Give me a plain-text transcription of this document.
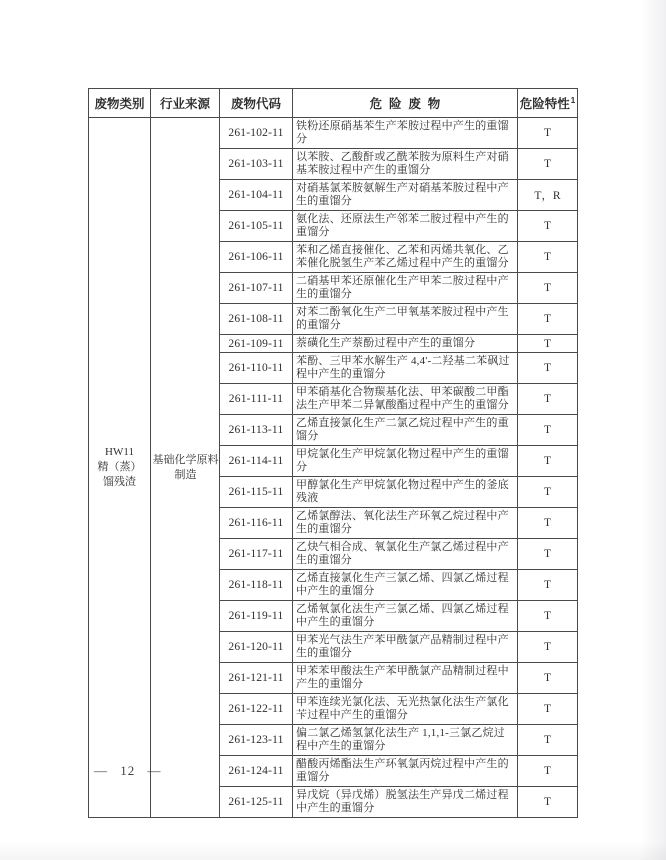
废物类别	行业来源	废物代码	危险废物	危险特性$^1$

HW11
精（蒸）馏残渣	基础化学原料制造	261-102-11	铁粉还原硝基苯生产苯胺过程中产生的重馏分	T
		261-103-11	以苯胺、乙酸酐或乙酰苯胺为原料生产对硝基苯胺过程中产生的重馏分	T
		261-104-11	对硝基氯苯胺氨解生产对硝基苯胺过程中产生的重馏分	T，R
		261-105-11	氨化法、还原法生产邻苯二胺过程中产生的重馏分	T
		261-106-11	苯和乙烯直接催化、乙苯和丙烯共氧化、乙苯催化脱氢生产苯乙烯过程中产生的重馏分	T
		261-107-11	二硝基甲苯还原催化生产甲苯二胺过程中产生的重馏分	T
		261-108-11	对苯二酚氧化生产二甲氧基苯胺过程中产生的重馏分	T
		261-109-11	萘磺化生产萘酚过程中产生的重馏分	T
		261-110-11	苯酚、三甲苯水解生产 4,4'-二羟基二苯砜过程中产生的重馏分	T
		261-111-11	甲苯硝基化合物羰基化法、甲苯碳酸二甲酯法生产甲苯二异氰酸酯过程中产生的重馏分	T
		261-113-11	乙烯直接氯化生产二氯乙烷过程中产生的重馏分	T
		261-114-11	甲烷氯化生产甲烷氯化物过程中产生的重馏分	T
		261-115-11	甲醇氯化生产甲烷氯化物过程中产生的釜底残液	T
		261-116-11	乙烯氯醇法、氧化法生产环氧乙烷过程中产生的重馏分	T
		261-117-11	乙炔气相合成、氧氯化生产氯乙烯过程中产生的重馏分	T
		261-118-11	乙烯直接氯化生产三氯乙烯、四氯乙烯过程中产生的重馏分	T
		261-119-11	乙烯氧氯化法生产三氯乙烯、四氯乙烯过程中产生的重馏分	T
		261-120-11	甲苯光气法生产苯甲酰氯产品精制过程中产生的重馏分	T
		261-121-11	甲苯苯甲酸法生产苯甲酰氯产品精制过程中产生的重馏分	T
		261-122-11	甲苯连续光氯化法、无光热氯化法生产氯化苄过程中产生的重馏分	T
		261-123-11	偏二氯乙烯氢氯化法生产 1,1,1-三氯乙烷过程中产生的重馏分	T
		261-124-11	醋酸丙烯酯法生产环氧氯丙烷过程中产生的重馏分	T
		261-125-11	异戊烷（异戊烯）脱氢法生产异戊二烯过程中产生的重馏分	T
— 12 —
